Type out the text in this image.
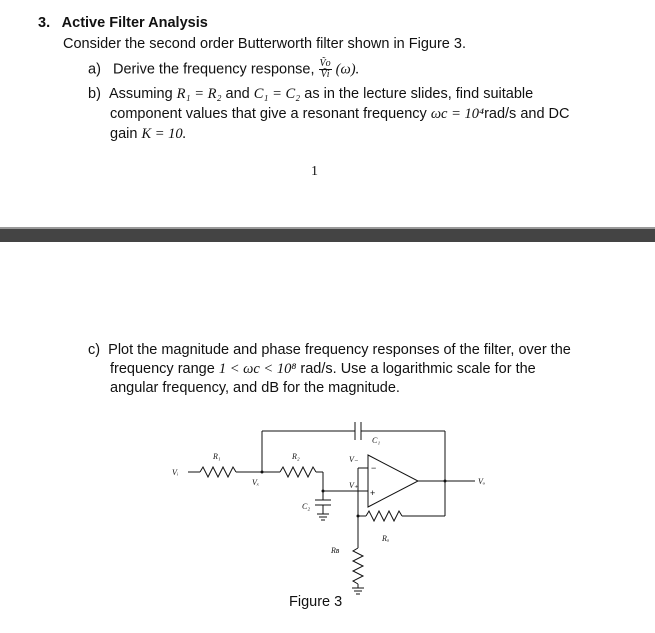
3. Active Filter Analysis
Consider the second order Butterworth filter shown in Figure 3.
a) Derive the frequency response, $\frac{Ṽo}{Ṽi} (\omega)$.
b) Assuming R₁ = R₂ and C₁ = C₂ as in the lecture slides, find suitable
component values that give a resonant frequency ωc = 10⁴rad/s and DC
gain K = 10.
1
c) Plot the magnitude and phase frequency responses of the filter, over the
frequency range 1 < ωc < 10⁸ rad/s. Use a logarithmic scale for the
angular frequency, and dB for the magnitude.
Vᵢ
R₁
Vₓ
R₂
C₂
C₁
V₋
V₊
−
+
Vₒ
Rₐ
Rʙ
Figure 3
